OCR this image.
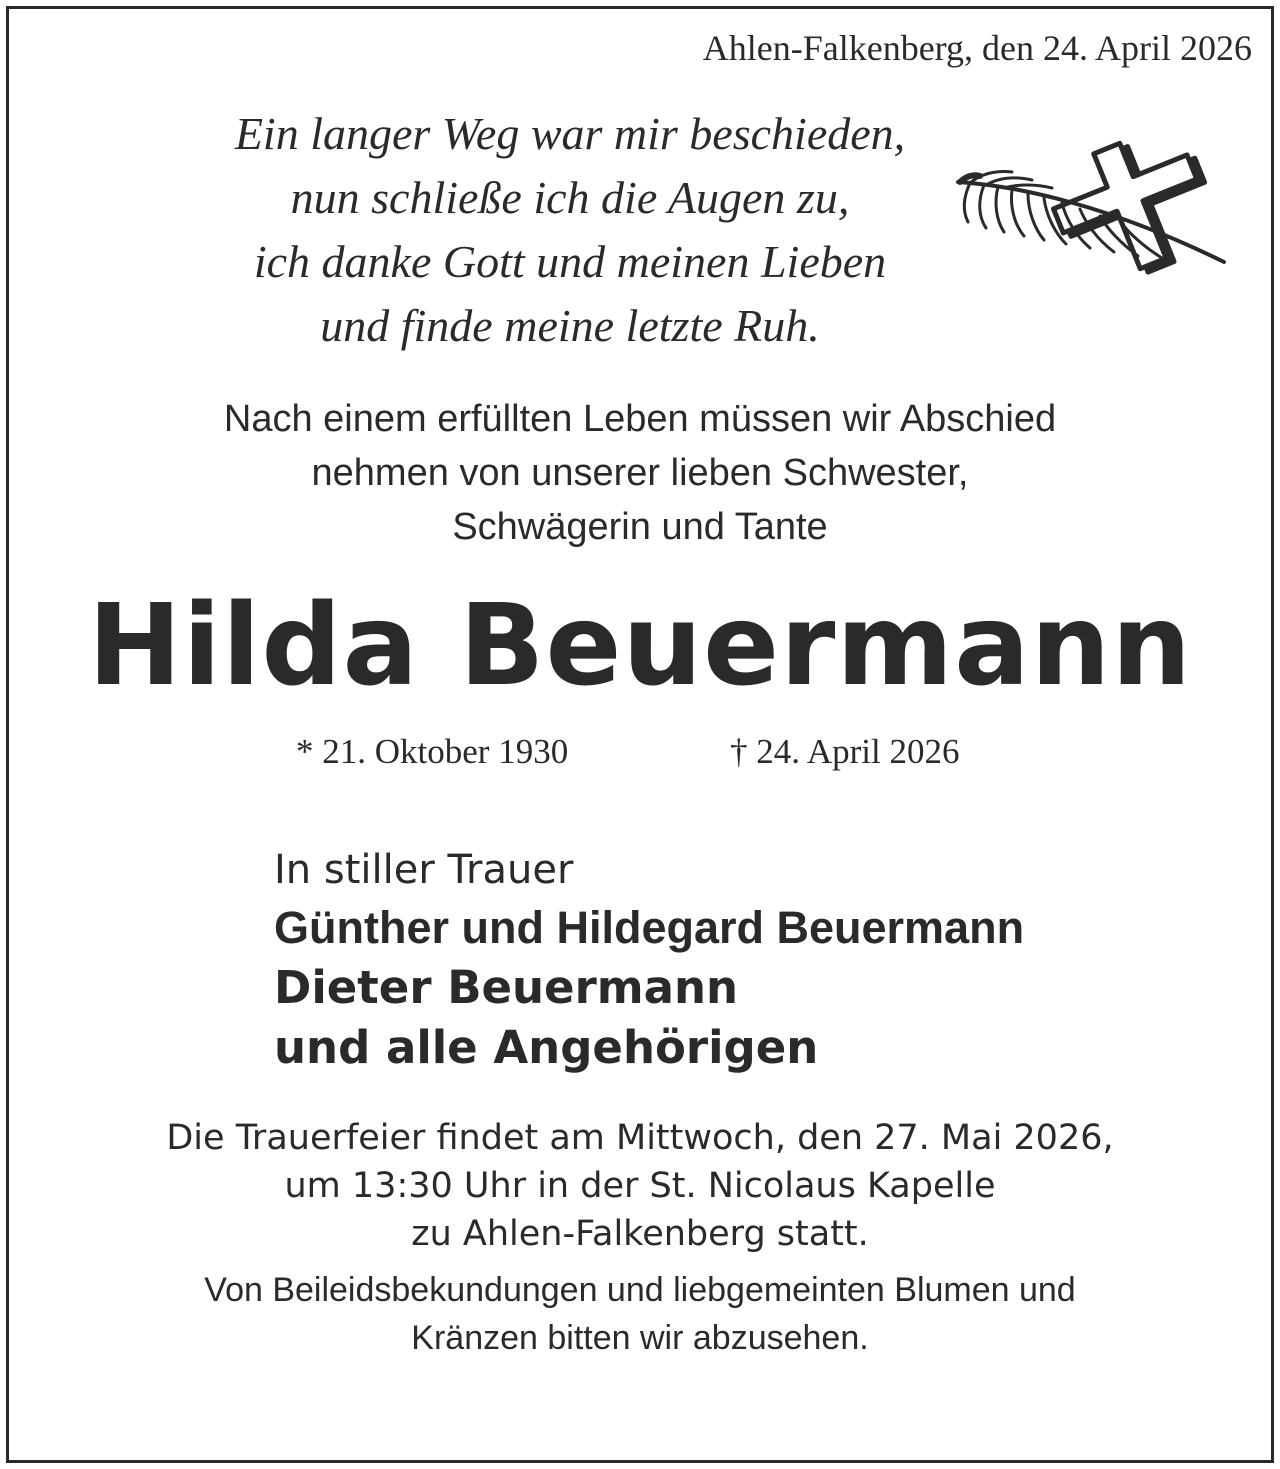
Ahlen-Falkenberg, den 24. April 2026
Ein langer Weg war mir beschieden,
nun schließe ich die Augen zu,
ich danke Gott und meinen Lieben
und finde meine letzte Ruh.
Nach einem erfüllten Leben müssen wir Abschied
nehmen von unserer lieben Schwester,
Schwägerin und Tante
Hilda Beuermann
* 21. Oktober 1930	† 24. April 2026
In stiller Trauer
Günther und Hildegard Beuermann
Dieter Beuermann
und alle Angehörigen
Die Trauerfeier findet am Mittwoch, den 27. Mai 2026,
um 13:30 Uhr in der St. Nicolaus Kapelle
zu Ahlen-Falkenberg statt.
Von Beileidsbekundungen und liebgemeinten Blumen und
Kränzen bitten wir abzusehen.
